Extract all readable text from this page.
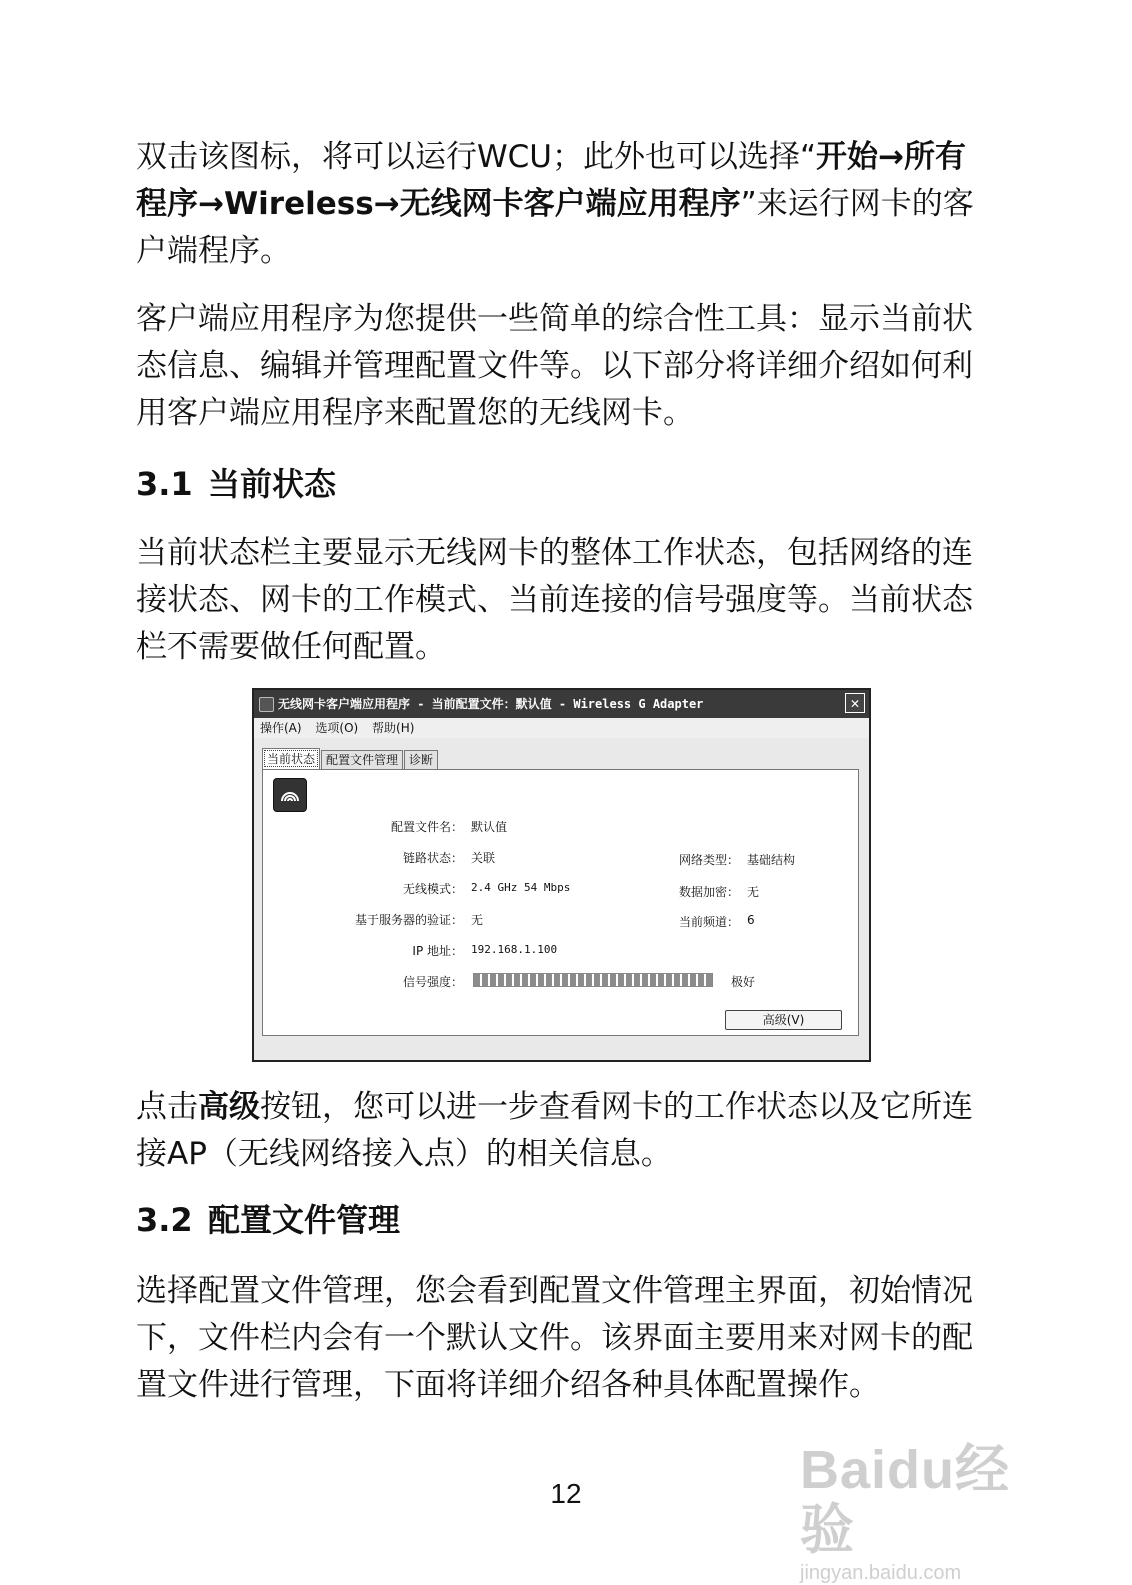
双击该图标，将可以运行WCU；此外也可以选择“开始→所有程序→Wireless→无线网卡客户端应用程序”来运行网卡的客户端程序。

客户端应用程序为您提供一些简单的综合性工具：显示当前状态信息、编辑并管理配置文件等。以下部分将详细介绍如何利用客户端应用程序来配置您的无线网卡。

3.1 当前状态

当前状态栏主要显示无线网卡的整体工作状态，包括网络的连接状态、网卡的工作模式、当前连接的信号强度等。当前状态栏不需要做任何配置。

无线网卡客户端应用程序 - 当前配置文件：默认值 - Wireless G Adapter	✕
操作(A) 选项(O) 帮助(H)
当前状态 配置文件管理 诊断
配置文件名： 默认值
链路状态： 关联
无线模式： 2.4 GHz 54 Mbps
基于服务器的验证： 无
IP 地址： 192.168.1.100
信号强度：	极好
网络类型： 基础结构
数据加密： 无
当前频道： 6
高级(V)

点击高级按钮，您可以进一步查看网卡的工作状态以及它所连接AP（无线网络接入点）的相关信息。

3.2 配置文件管理

选择配置文件管理，您会看到配置文件管理主界面，初始情况下，文件栏内会有一个默认文件。该界面主要用来对网卡的配置文件进行管理，下面将详细介绍各种具体配置操作。

Baidu经验
jingyan.baidu.com
12
